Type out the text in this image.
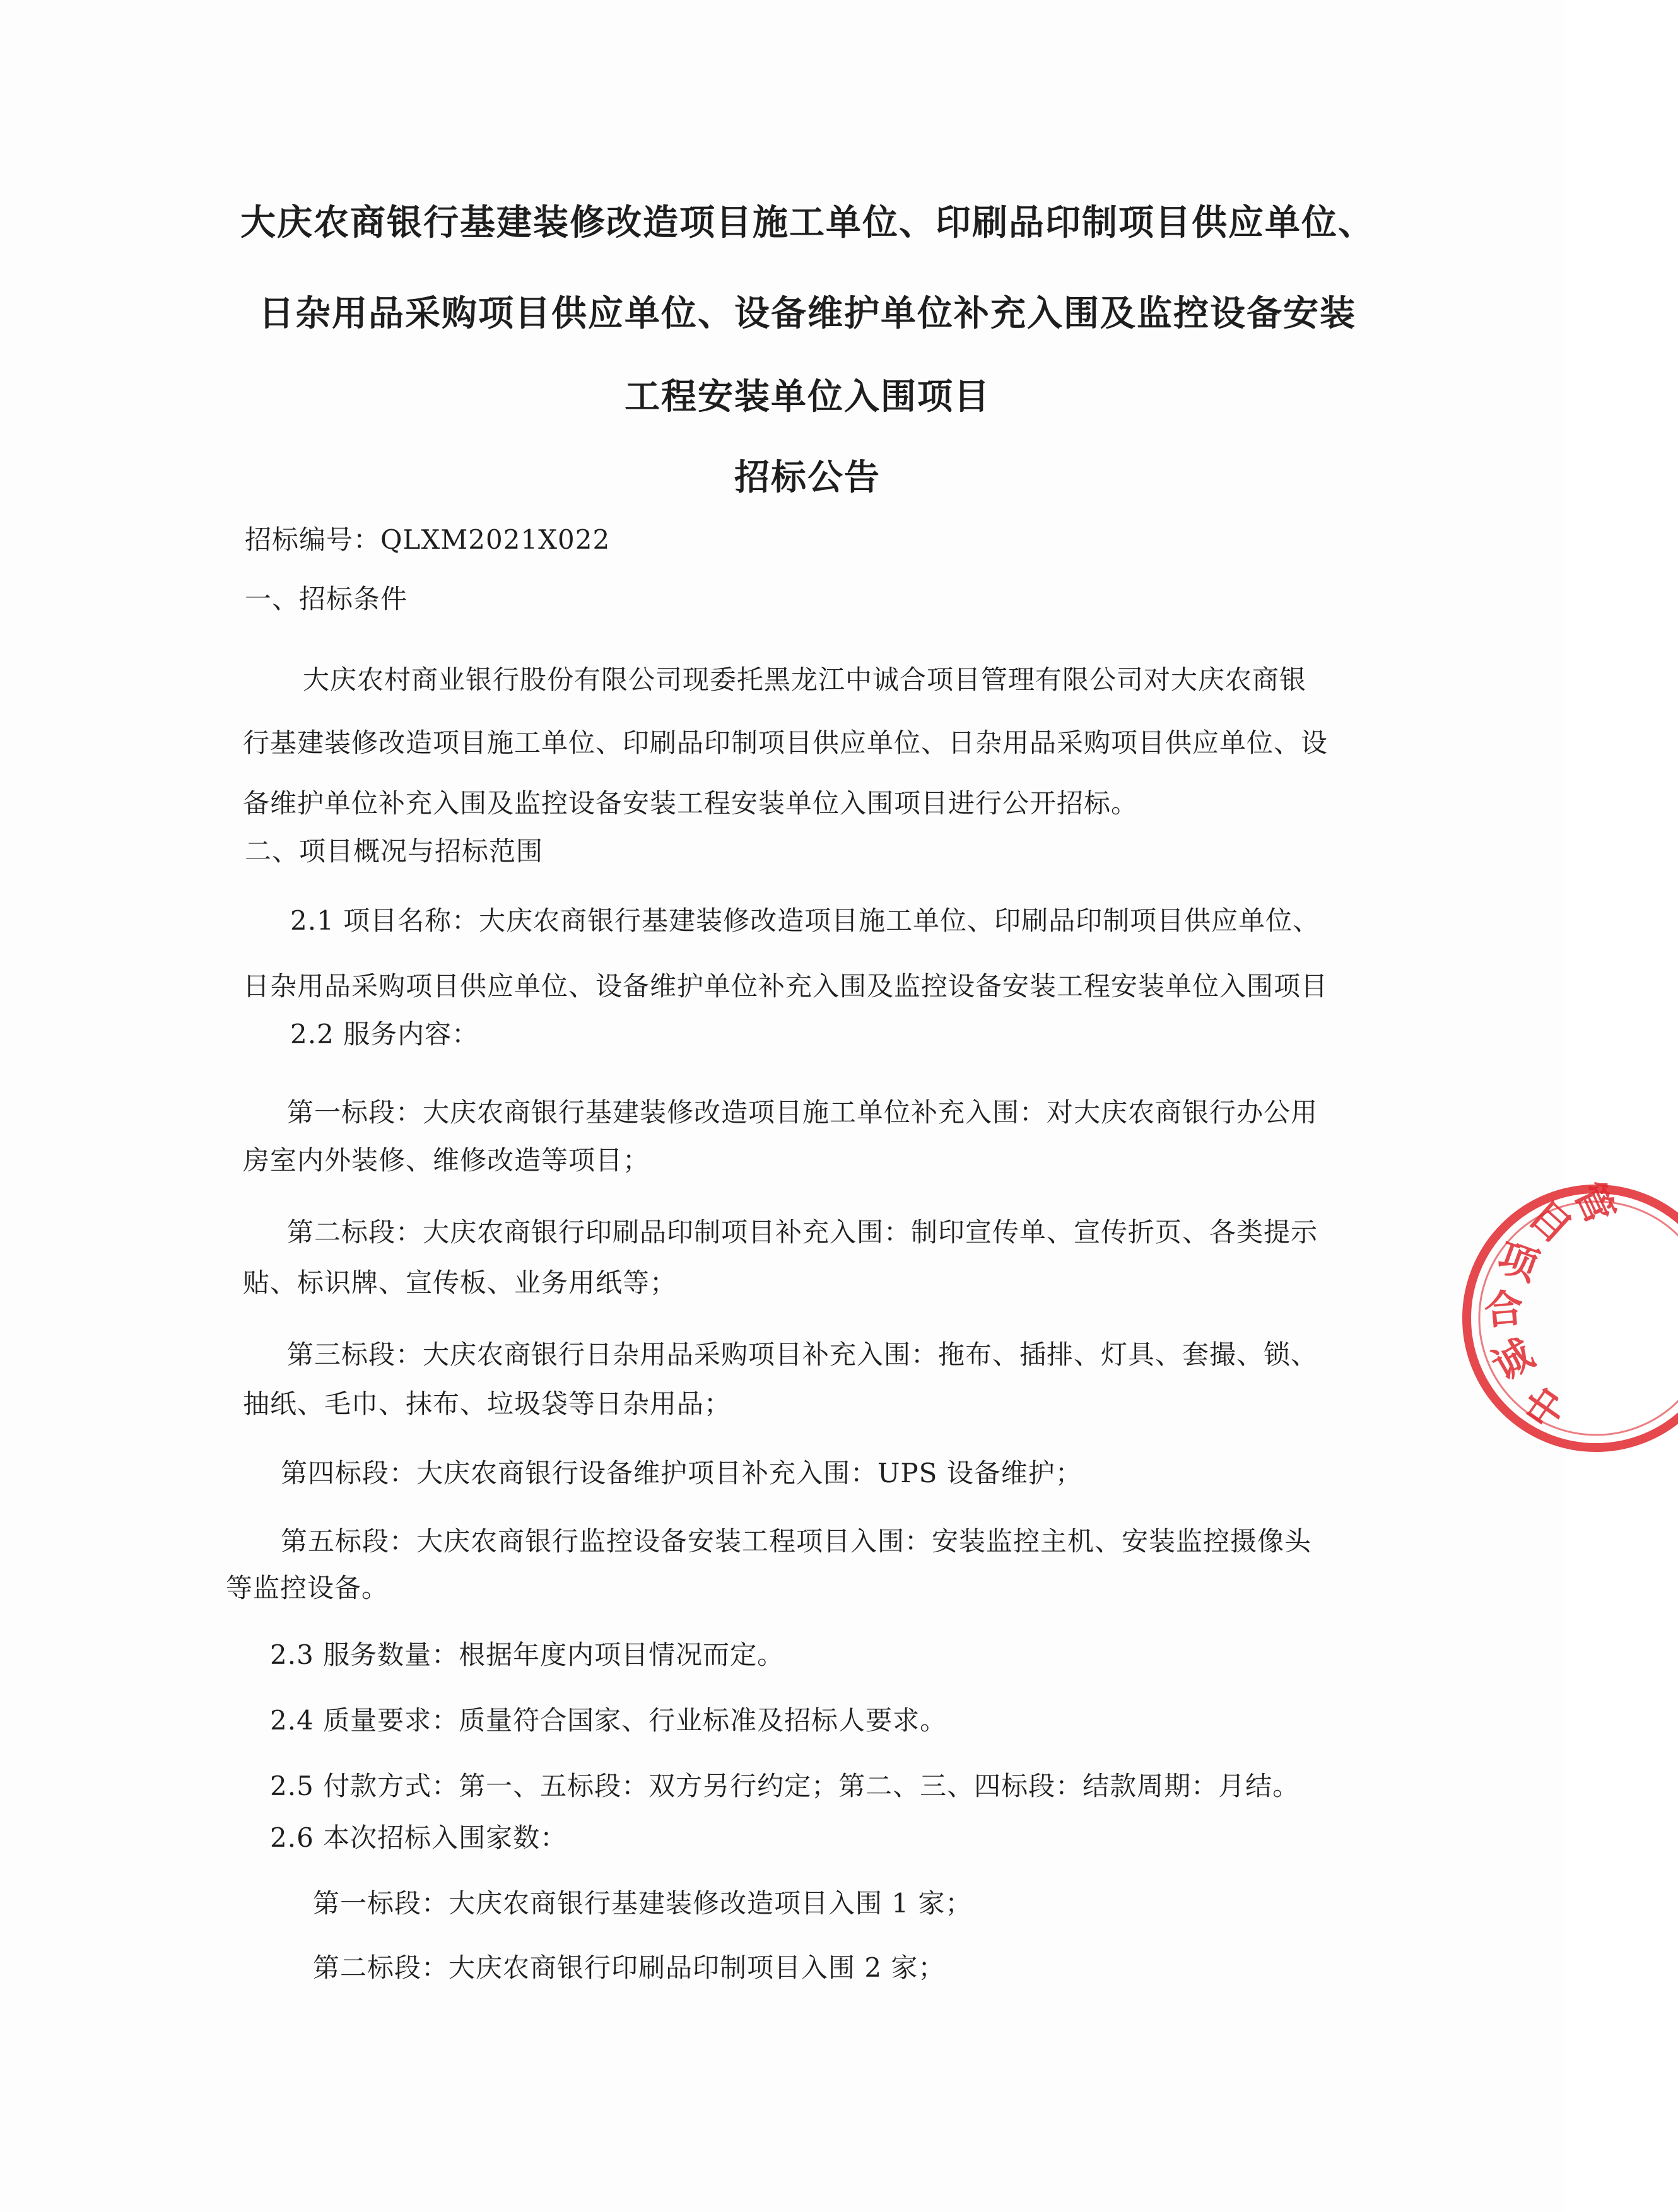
大庆农商银行基建装修改造项目施工单位、印刷品印制项目供应单位、
日杂用品采购项目供应单位、设备维护单位补充入围及监控设备安装
工程安装单位入围项目
招标公告
招标编号：QLXM2021X022
一、招标条件
大庆农村商业银行股份有限公司现委托黑龙江中诚合项目管理有限公司对大庆农商银
行基建装修改造项目施工单位、印刷品印制项目供应单位、日杂用品采购项目供应单位、设
备维护单位补充入围及监控设备安装工程安装单位入围项目进行公开招标。
二、项目概况与招标范围
2.1 项目名称：大庆农商银行基建装修改造项目施工单位、印刷品印制项目供应单位、
日杂用品采购项目供应单位、设备维护单位补充入围及监控设备安装工程安装单位入围项目
2.2 服务内容：
第一标段：大庆农商银行基建装修改造项目施工单位补充入围：对大庆农商银行办公用
房室内外装修、维修改造等项目；
第二标段：大庆农商银行印刷品印制项目补充入围：制印宣传单、宣传折页、各类提示
贴、标识牌、宣传板、业务用纸等；
第三标段：大庆农商银行日杂用品采购项目补充入围：拖布、插排、灯具、套撮、锁、
抽纸、毛巾、抹布、垃圾袋等日杂用品；
第四标段：大庆农商银行设备维护项目补充入围：UPS 设备维护；
第五标段：大庆农商银行监控设备安装工程项目入围：安装监控主机、安装监控摄像头
等监控设备。
2.3 服务数量：根据年度内项目情况而定。
2.4 质量要求：质量符合国家、行业标准及招标人要求。
2.5 付款方式：第一、五标段：双方另行约定；第二、三、四标段：结款周期：月结。
2.6 本次招标入围家数：
第一标段：大庆农商银行基建装修改造项目入围 1 家；
第二标段：大庆农商银行印刷品印制项目入围 2 家；
中
诚
合
项
目
管
